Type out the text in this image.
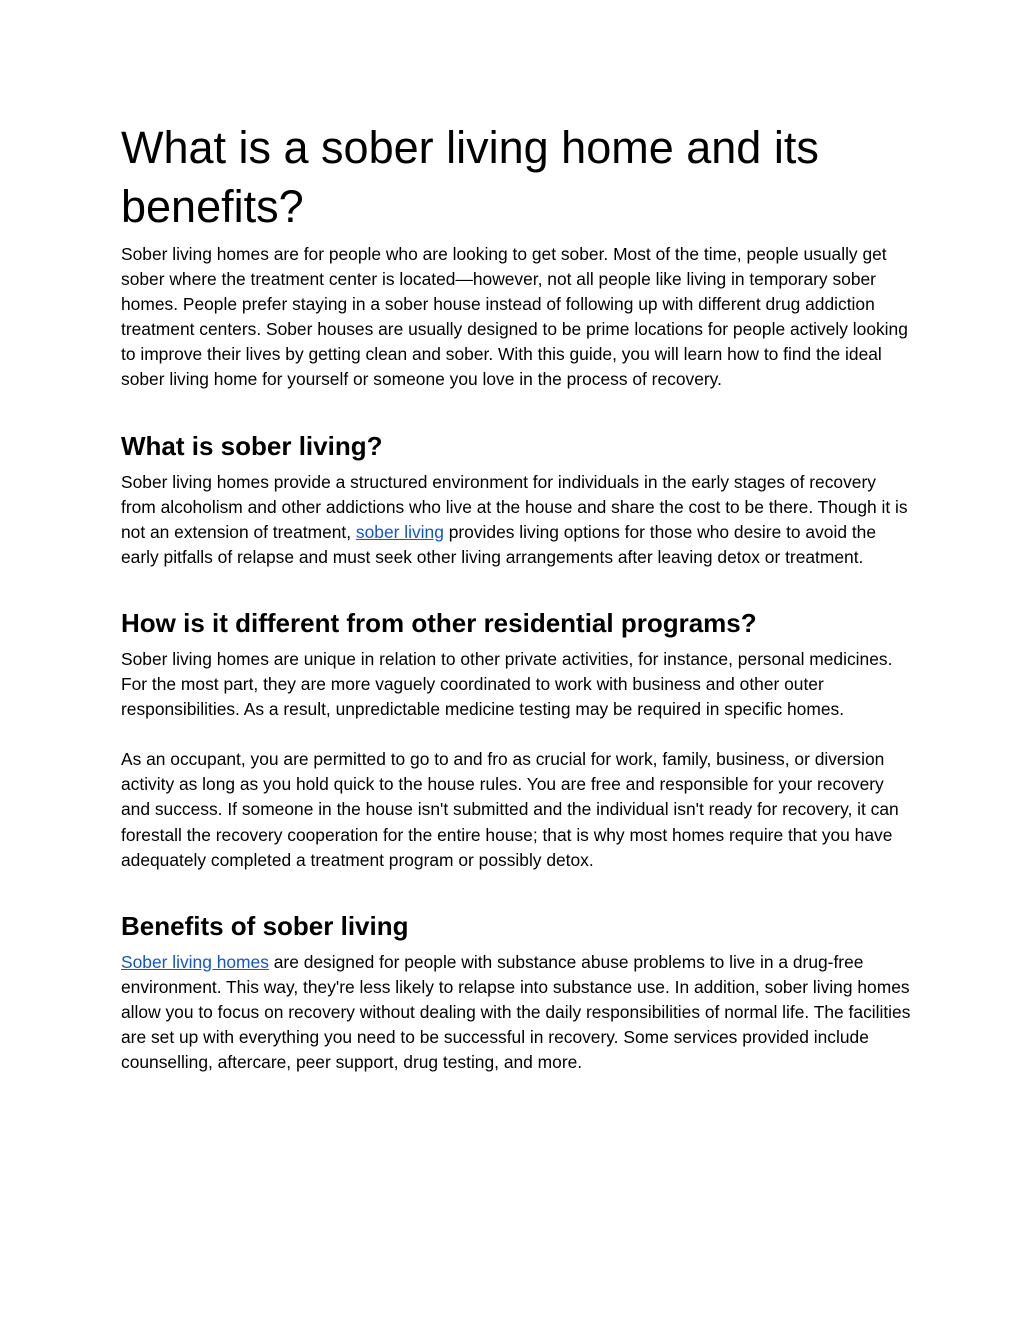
What is a sober living home and its benefits?

Sober living homes are for people who are looking to get sober. Most of the time, people usually get sober where the treatment center is located—however, not all people like living in temporary sober homes. People prefer staying in a sober house instead of following up with different drug addiction treatment centers. Sober houses are usually designed to be prime locations for people actively looking to improve their lives by getting clean and sober. With this guide, you will learn how to find the ideal sober living home for yourself or someone you love in the process of recovery.

What is sober living?

Sober living homes provide a structured environment for individuals in the early stages of recovery from alcoholism and other addictions who live at the house and share the cost to be there. Though it is not an extension of treatment, sober living provides living options for those who desire to avoid the early pitfalls of relapse and must seek other living arrangements after leaving detox or treatment.

How is it different from other residential programs?

Sober living homes are unique in relation to other private activities, for instance, personal medicines. For the most part, they are more vaguely coordinated to work with business and other outer responsibilities. As a result, unpredictable medicine testing may be required in specific homes.

As an occupant, you are permitted to go to and fro as crucial for work, family, business, or diversion activity as long as you hold quick to the house rules. You are free and responsible for your recovery and success. If someone in the house isn't submitted and the individual isn't ready for recovery, it can forestall the recovery cooperation for the entire house; that is why most homes require that you have adequately completed a treatment program or possibly detox.

Benefits of sober living

Sober living homes are designed for people with substance abuse problems to live in a drug-free environment. This way, they're less likely to relapse into substance use. In addition, sober living homes allow you to focus on recovery without dealing with the daily responsibilities of normal life. The facilities are set up with everything you need to be successful in recovery. Some services provided include counselling, aftercare, peer support, drug testing, and more.
